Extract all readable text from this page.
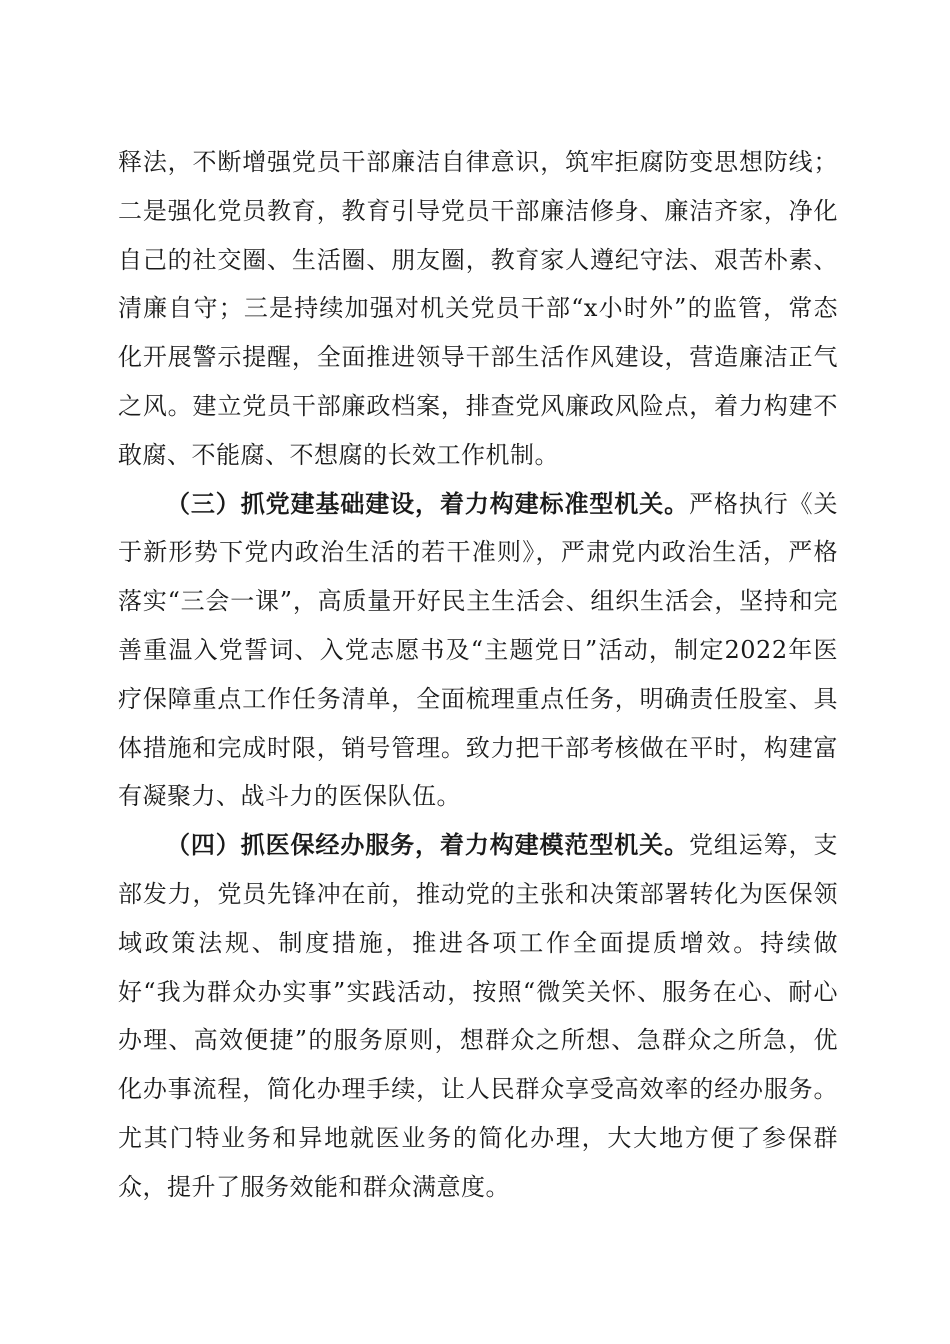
释法，不断增强党员干部廉洁自律意识，筑牢拒腐防变思想防线；二是强化党员教育，教育引导党员干部廉洁修身、廉洁齐家，净化自己的社交圈、生活圈、朋友圈，教育家人遵纪守法、艰苦朴素、清廉自守；三是持续加强对机关党员干部“x小时外”的监管，常态化开展警示提醒，全面推进领导干部生活作风建设，营造廉洁正气之风。建立党员干部廉政档案，排查党风廉政风险点，着力构建不敢腐、不能腐、不想腐的长效工作机制。

（三）抓党建基础建设，着力构建标准型机关。严格执行《关于新形势下党内政治生活的若干准则》，严肃党内政治生活，严格落实“三会一课”，高质量开好民主生活会、组织生活会，坚持和完善重温入党誓词、入党志愿书及“主题党日”活动，制定2022年医疗保障重点工作任务清单，全面梳理重点任务，明确责任股室、具体措施和完成时限，销号管理。致力把干部考核做在平时，构建富有凝聚力、战斗力的医保队伍。

（四）抓医保经办服务，着力构建模范型机关。党组运筹，支部发力，党员先锋冲在前，推动党的主张和决策部署转化为医保领域政策法规、制度措施，推进各项工作全面提质增效。持续做好“我为群众办实事”实践活动，按照“微笑关怀、服务在心、耐心办理、高效便捷”的服务原则，想群众之所想、急群众之所急，优化办事流程，简化办理手续，让人民群众享受高效率的经办服务。尤其门特业务和异地就医业务的简化办理，大大地方便了参保群众，提升了服务效能和群众满意度。
